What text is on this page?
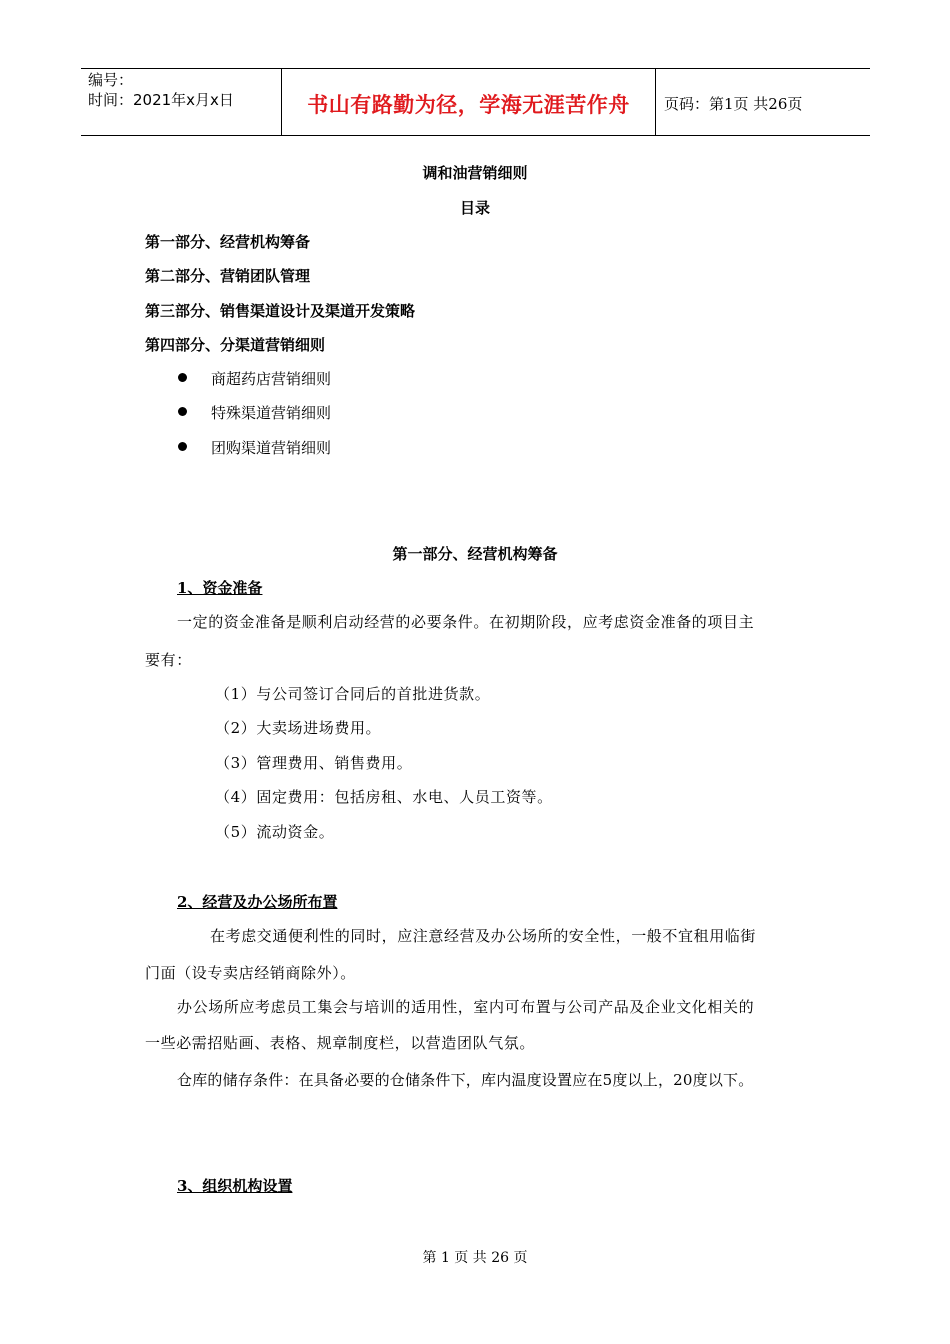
编号：
时间：2021年x月x日	书山有路勤为径，学海无涯苦作舟	页码：第1页 共26页
调和油营销细则
目录
第一部分、经营机构筹备
第二部分、营销团队管理
第三部分、销售渠道设计及渠道开发策略
第四部分、分渠道营销细则
商超药店营销细则
特殊渠道营销细则
团购渠道营销细则
第一部分、经营机构筹备
1、资金准备
一定的资金准备是顺利启动经营的必要条件。在初期阶段，应考虑资金准备的项目主
要有：
（1）与公司签订合同后的首批进货款。
（2）大卖场进场费用。
（3）管理费用、销售费用。
（4）固定费用：包括房租、水电、人员工资等。
（5）流动资金。
2、经营及办公场所布置
在考虑交通便利性的同时，应注意经营及办公场所的安全性，一般不宜租用临街
门面（设专卖店经销商除外）。
办公场所应考虑员工集会与培训的适用性，室内可布置与公司产品及企业文化相关的
一些必需招贴画、表格、规章制度栏，以营造团队气氛。
仓库的储存条件：在具备必要的仓储条件下，库内温度设置应在5度以上，20度以下。
3、组织机构设置
第 1 页 共 26 页
